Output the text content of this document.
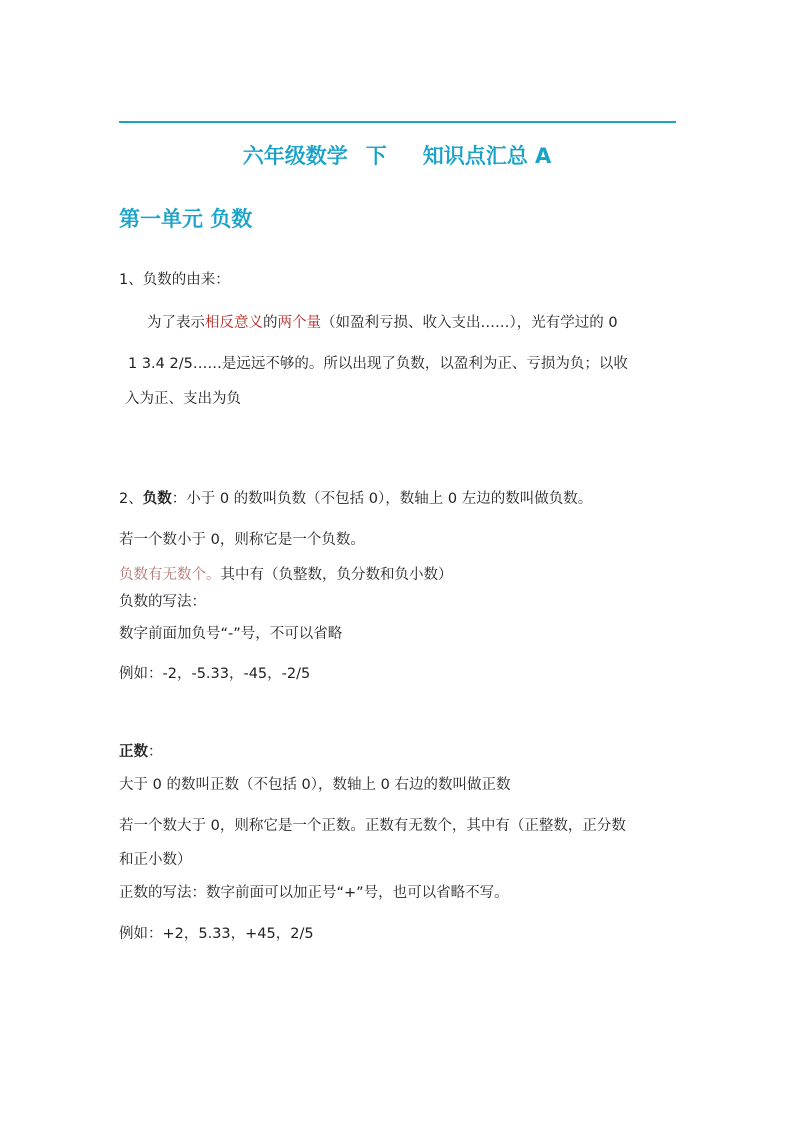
六年级数学 下 知识点汇总 A
第一单元 负数
1、负数的由来：
为了表示相反意义的两个量（如盈利亏损、收入支出……），光有学过的 0
1 3.4 2/5……是远远不够的。所以出现了负数，以盈利为正、亏损为负；以收
入为正、支出为负
2、负数：小于 0 的数叫负数（不包括 0），数轴上 0 左边的数叫做负数。
若一个数小于 0，则称它是一个负数。
负数有无数个。其中有（负整数，负分数和负小数）
负数的写法：
数字前面加负号“-”号，不可以省略
例如：-2，-5.33，-45，-2/5
正数：
大于 0 的数叫正数（不包括 0），数轴上 0 右边的数叫做正数
若一个数大于 0，则称它是一个正数。正数有无数个，其中有（正整数，正分数
和正小数）
正数的写法：数字前面可以加正号“+”号，也可以省略不写。
例如：+2，5.33，+45，2/5
